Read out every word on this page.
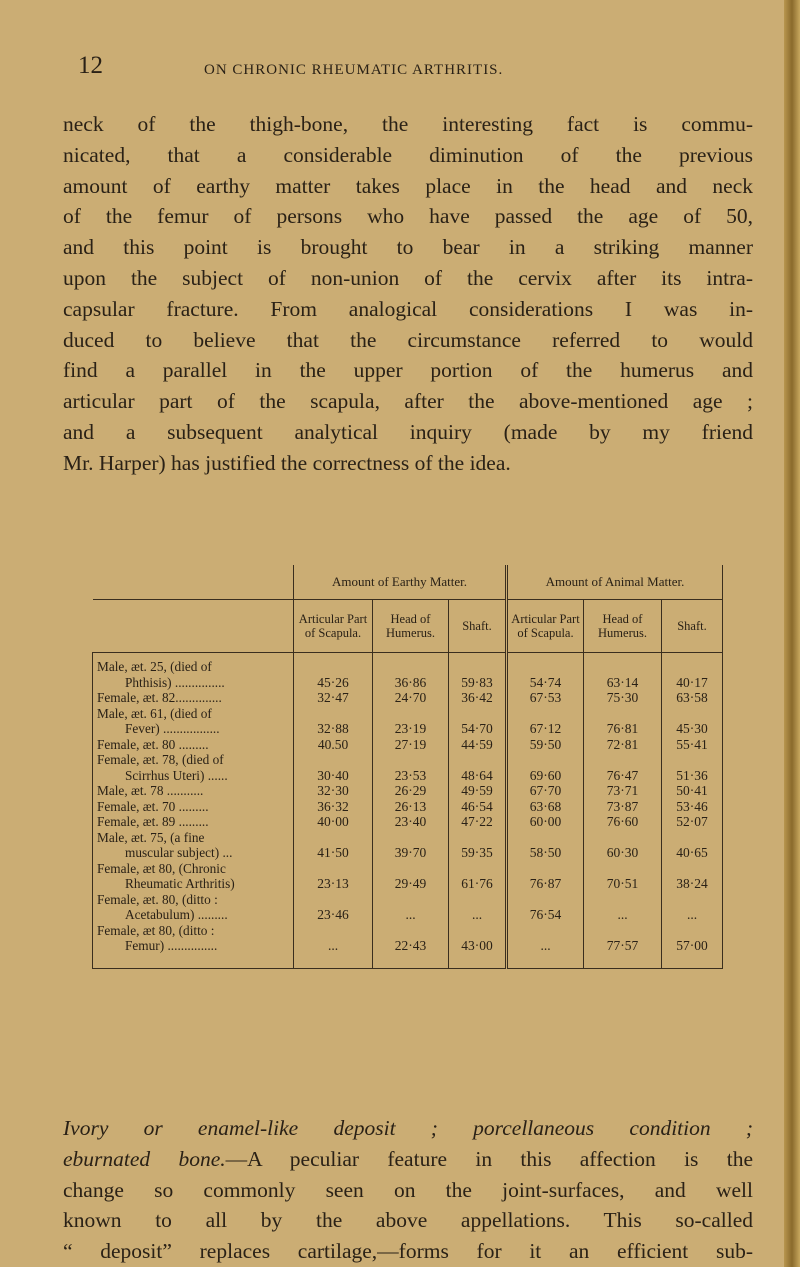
12	ON CHRONIC RHEUMATIC ARTHRITIS.
neck of the thigh-bone, the interesting fact is commu-
nicated, that a considerable diminution of the previous
amount of earthy matter takes place in the head and neck
of the femur of persons who have passed the age of 50,
and this point is brought to bear in a striking manner
upon the subject of non-union of the cervix after its intra-
capsular fracture. From analogical considerations I was in-
duced to believe that the circumstance referred to would
find a parallel in the upper portion of the humerus and
articular part of the scapula, after the above-mentioned age ;
and a subsequent analytical inquiry (made by my friend
Mr. Harper) has justified the correctness of the idea.
	Amount of Earthy Matter.			Amount of Animal Matter.		
	Articular Part of Scapula.	Head of Humerus.	Shaft.	Articular Part of Scapula.	Head of Humerus.	Shaft.

Male, æt. 25, (died of
Phthisis) ...............	45·26	36·86	59·83	54·74	63·14	40·17

Female, æt. 82..............	32·47	24·70	36·42	67·53	75·30	63·58

Male, æt. 61, (died of
Fever) .................	32·88	23·19	54·70	67·12	76·81	45·30

Female, æt. 80 .........	40.50	27·19	44·59	59·50	72·81	55·41

Female, æt. 78, (died of
Scirrhus Uteri) ......	30·40	23·53	48·64	69·60	76·47	51·36

Male, æt. 78 ...........	32·30	26·29	49·59	67·70	73·71	50·41

Female, æt. 70 .........	36·32	26·13	46·54	63·68	73·87	53·46

Female, æt. 89 .........	40·00	23·40	47·22	60·00	76·60	52·07

Male, æt. 75, (a fine
muscular subject) ...	41·50	39·70	59·35	58·50	60·30	40·65

Female, æt 80, (Chronic
Rheumatic Arthritis)	23·13	29·49	61·76	76·87	70·51	38·24

Female, æt. 80, (ditto :
Acetabulum) .........	23·46	...	...	76·54	...	...

Female, æt 80, (ditto :
Femur) ...............	...	22·43	43·00	...	77·57	57·00
Ivory or enamel-like deposit ; porcellaneous condition ;
eburnated bone.—A peculiar feature in this affection is the
change so commonly seen on the joint-surfaces, and well
known to all by the above appellations. This so-called
“ deposit” replaces cartilage,—forms for it an efficient sub-
